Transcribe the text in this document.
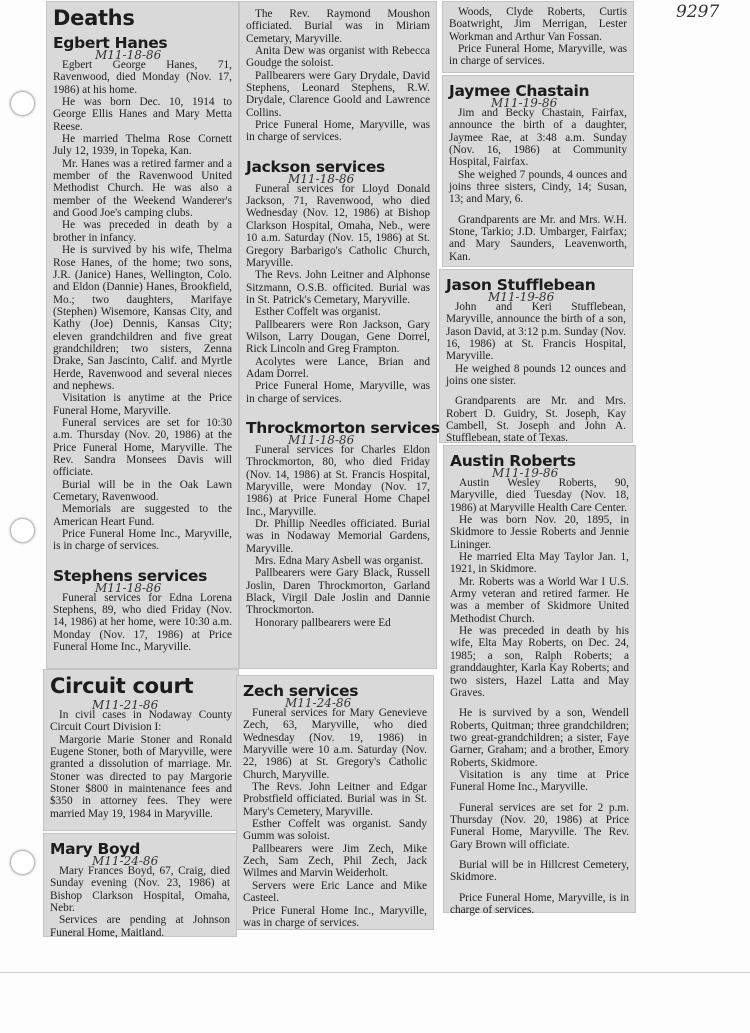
9297
Deaths
Egbert Hanes
M11-18-86

Egbert George Hanes, 71, Ravenwood, died Monday (Nov. 17, 1986) at his home.

He was born Dec. 10, 1914 to George Ellis Hanes and Mary Metta Reese.

He married Thelma Rose Cornett July 12, 1939, in Topeka, Kan.

Mr. Hanes was a retired farmer and a member of the Ravenwood United Methodist Church. He was also a member of the Weekend Wanderer's and Good Joe's camping clubs.

He was preceded in death by a brother in infancy.

He is survived by his wife, Thelma Rose Hanes, of the home; two sons, J.R. (Janice) Hanes, Wellington, Colo. and Eldon (Dannie) Hanes, Brookfield, Mo.; two daughters, Marifaye (Stephen) Wisemore, Kansas City, and Kathy (Joe) Dennis, Kansas City; eleven grandchildren and five great grandchildren; two sisters, Zenna Drake, San Jascinto, Calif. and Myrtle Herde, Ravenwood and several nieces and nephews.

Visitation is anytime at the Price Funeral Home, Maryville.

Funeral services are set for 10:30 a.m. Thursday (Nov. 20, 1986) at the Price Funeral Home, Maryville. The Rev. Sandra Monsees Davis will officiate.

Burial will be in the Oak Lawn Cemetary, Ravenwood.

Memorials are suggested to the American Heart Fund.

Price Funeral Home Inc., Maryville, is in charge of services.

Stephens services
M11-18-86

Funeral services for Edna Lorena Stephens, 89, who died Friday (Nov. 14, 1986) at her home, were 10:30 a.m. Monday (Nov. 17, 1986) at Price Funeral Home Inc., Maryville.

Circuit court
M11-21-86

In civil cases in Nodaway County Circuit Court Division I:

Margorie Marie Stoner and Ronald Eugene Stoner, both of Maryville, were granted a dissolution of marriage. Mr. Stoner was directed to pay Margorie Stoner $800 in maintenance fees and $350 in attorney fees. They were married May 19, 1984 in Maryville.

Mary Boyd
M11-24-86

Mary Frances Boyd, 67, Craig, died Sunday evening (Nov. 23, 1986) at Bishop Clarkson Hospital, Omaha, Nebr.

Services are pending at Johnson Funeral Home, Maitland.

The Rev. Raymond Moushon officiated. Burial was in Miriam Cemetary, Maryville.

Anita Dew was organist with Rebecca Goudge the soloist.

Pallbearers were Gary Drydale, David Stephens, Leonard Stephens, R.W. Drydale, Clarence Goold and Lawrence Collins.

Price Funeral Home, Maryville, was in charge of services.

Jackson services
M11-18-86

Funeral services for Lloyd Donald Jackson, 71, Ravenwood, who died Wednesday (Nov. 12, 1986) at Bishop Clarkson Hospital, Omaha, Neb., were 10 a.m. Saturday (Nov. 15, 1986) at St. Gregory Barbarigo's Catholic Church, Maryville.

The Revs. John Leitner and Alphonse Sitzmann, O.S.B. officited. Burial was in St. Patrick's Cemetary, Maryville.

Esther Coffelt was organist.

Pallbearers were Ron Jackson, Gary Wilson, Larry Dougan, Gene Dorrel, Rick Lincoln and Greg Frampton.

Acolytes were Lance, Brian and Adam Dorrel.

Price Funeral Home, Maryville, was in charge of services.

Throckmorton services
M11-18-86

Funeral services for Charles Eldon Throckmorton, 80, who died Friday (Nov. 14, 1986) at St. Francis Hospital, Maryville, were Monday (Nov. 17, 1986) at Price Funeral Home Chapel Inc., Maryville.

Dr. Phillip Needles officiated. Burial was in Nodaway Memorial Gardens, Maryville.

Mrs. Edna Mary Asbell was organist.

Pallbearers were Gary Black, Russell Joslin, Daren Throckmorton, Garland Black, Virgil Dale Joslin and Dannie Throckmorton.

Honorary pallbearers were Ed

Zech services
M11-24-86

Funeral services for Mary Genevieve Zech, 63, Maryville, who died Wednesday (Nov. 19, 1986) in Maryville were 10 a.m. Saturday (Nov. 22, 1986) at St. Gregory's Catholic Church, Maryville.

The Revs. John Leitner and Edgar Probstfield officiated. Burial was in St. Mary's Cemetery, Maryville.

Esther Coffelt was organist. Sandy Gumm was soloist.

Pallbearers were Jim Zech, Mike Zech, Sam Zech, Phil Zech, Jack Wilmes and Marvin Weiderholt.

Servers were Eric Lance and Mike Casteel.

Price Funeral Home Inc., Maryville, was in charge of services.

Woods, Clyde Roberts, Curtis Boatwright, Jim Merrigan, Lester Workman and Arthur Van Fossan.

Price Funeral Home, Maryville, was in charge of services.

Jaymee Chastain
M11-19-86

Jim and Becky Chastain, Fairfax, announce the birth of a daughter, Jaymee Rae, at 3:48 a.m. Sunday (Nov. 16, 1986) at Community Hospital, Fairfax.

She weighed 7 pounds, 4 ounces and joins three sisters, Cindy, 14; Susan, 13; and Mary, 6.

Grandparents are Mr. and Mrs. W.H. Stone, Tarkio; J.D. Umbarger, Fairfax; and Mary Saunders, Leavenworth, Kan.

Jason Stufflebean
M11-19-86

John and Keri Stufflebean, Maryville, announce the birth of a son, Jason David, at 3:12 p.m. Sunday (Nov. 16, 1986) at St. Francis Hospital, Maryville.

He weighed 8 pounds 12 ounces and joins one sister.

Grandparents are Mr. and Mrs. Robert D. Guidry, St. Joseph, Kay Cambell, St. Joseph and John A. Stufflebean, state of Texas.

Austin Roberts
M11-19-86

Austin Wesley Roberts, 90, Maryville, died Tuesday (Nov. 18, 1986) at Maryville Health Care Center.

He was born Nov. 20, 1895, in Skidmore to Jessie Roberts and Jennie Lininger.

He married Elta May Taylor Jan. 1, 1921, in Skidmore.

Mr. Roberts was a World War I U.S. Army veteran and retired farmer. He was a member of Skidmore United Methodist Church.

He was preceded in death by his wife, Elta May Roberts, on Dec. 24, 1985; a son, Ralph Roberts; a granddaughter, Karla Kay Roberts; and two sisters, Hazel Latta and May Graves.

He is survived by a son, Wendell Roberts, Quitman; three grandchildren; two great-grandchildren; a sister, Faye Garner, Graham; and a brother, Emory Roberts, Skidmore.

Visitation is any time at Price Funeral Home Inc., Maryville.

Funeral services are set for 2 p.m. Thursday (Nov. 20, 1986) at Price Funeral Home, Maryville. The Rev. Gary Brown will officiate.

Burial will be in Hillcrest Cemetery, Skidmore.

Price Funeral Home, Maryville, is in charge of services.
